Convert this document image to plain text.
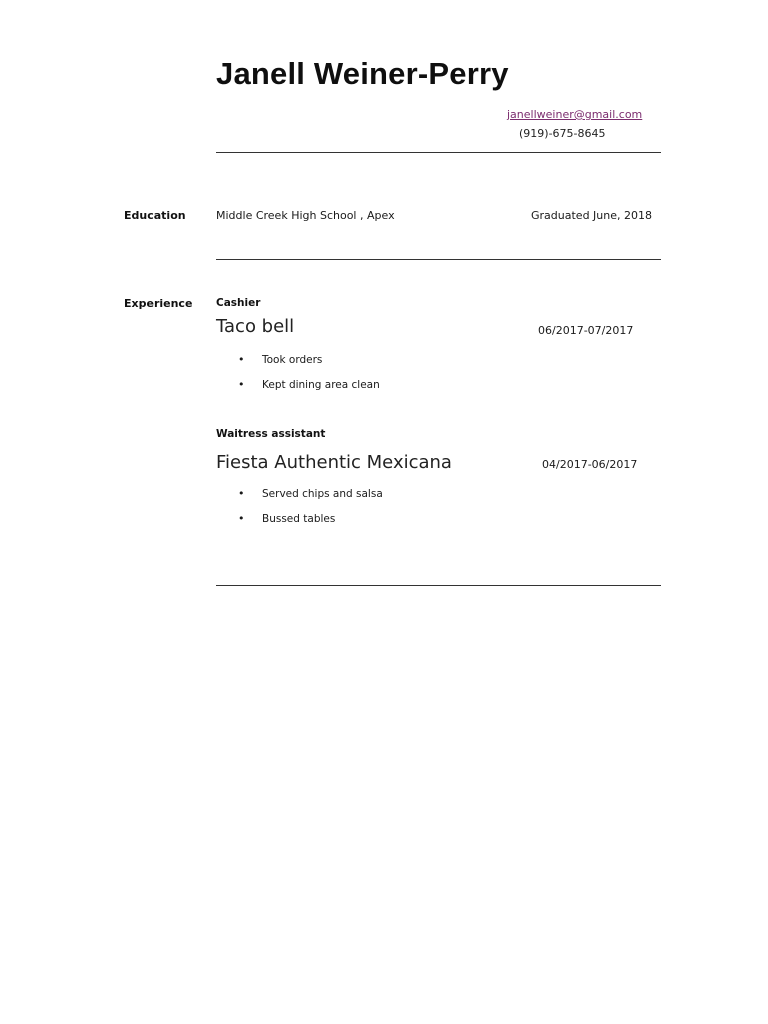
Janell Weiner-Perry
janellweiner@gmail.com
(919)-675-8645
Education	Middle Creek High School , Apex	Graduated June, 2018
Experience Cashier
Taco bell	06/2017-07/2017
• Took orders
• Kept dining area clean
Waitress assistant
Fiesta Authentic Mexicana	04/2017-06/2017
• Served chips and salsa
• Bussed tables
